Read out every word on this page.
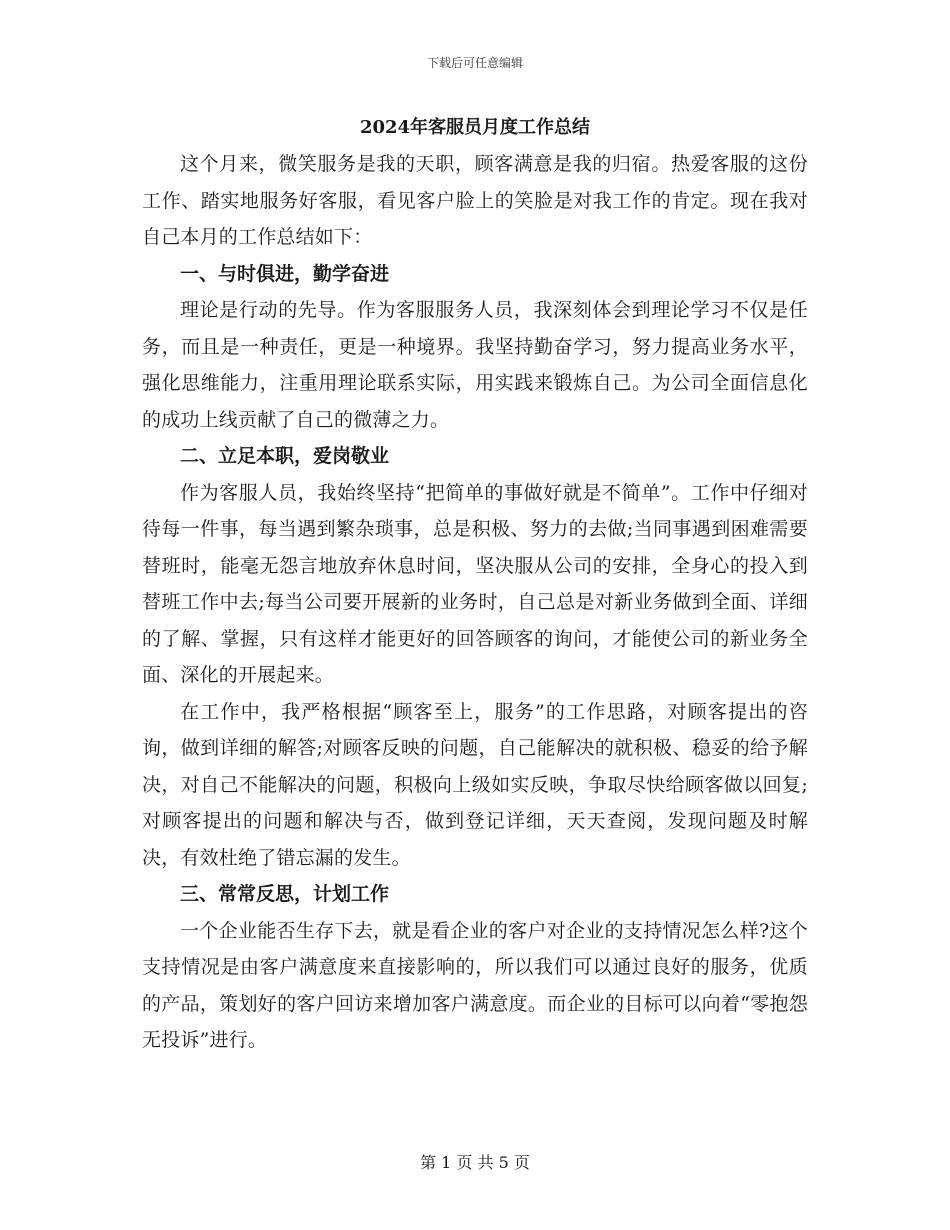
下载后可任意编辑
2024年客服员月度工作总结

这个月来，微笑服务是我的天职，顾客满意是我的归宿。热爱客服的这份工作、踏实地服务好客服，看见客户脸上的笑脸是对我工作的肯定。现在我对自己本月的工作总结如下：

一、与时俱进，勤学奋进

理论是行动的先导。作为客服服务人员，我深刻体会到理论学习不仅是任务，而且是一种责任，更是一种境界。我坚持勤奋学习，努力提高业务水平，强化思维能力，注重用理论联系实际，用实践来锻炼自己。为公司全面信息化的成功上线贡献了自己的微薄之力。

二、立足本职，爱岗敬业

作为客服人员，我始终坚持“把简单的事做好就是不简单”。工作中仔细对待每一件事，每当遇到繁杂琐事，总是积极、努力的去做;当同事遇到困难需要替班时，能毫无怨言地放弃休息时间，坚决服从公司的安排，全身心的投入到替班工作中去;每当公司要开展新的业务时，自己总是对新业务做到全面、详细的了解、掌握，只有这样才能更好的回答顾客的询问，才能使公司的新业务全面、深化的开展起来。

在工作中，我严格根据“顾客至上，服务”的工作思路，对顾客提出的咨询，做到详细的解答;对顾客反映的问题，自己能解决的就积极、稳妥的给予解决，对自己不能解决的问题，积极向上级如实反映，争取尽快给顾客做以回复;对顾客提出的问题和解决与否，做到登记详细，天天查阅，发现问题及时解决，有效杜绝了错忘漏的发生。

三、常常反思，计划工作

一个企业能否生存下去，就是看企业的客户对企业的支持情况怎么样?这个支持情况是由客户满意度来直接影响的，所以我们可以通过良好的服务，优质的产品，策划好的客户回访来增加客户满意度。而企业的目标可以向着“零抱怨无投诉”进行。

第 1 页 共 5 页
